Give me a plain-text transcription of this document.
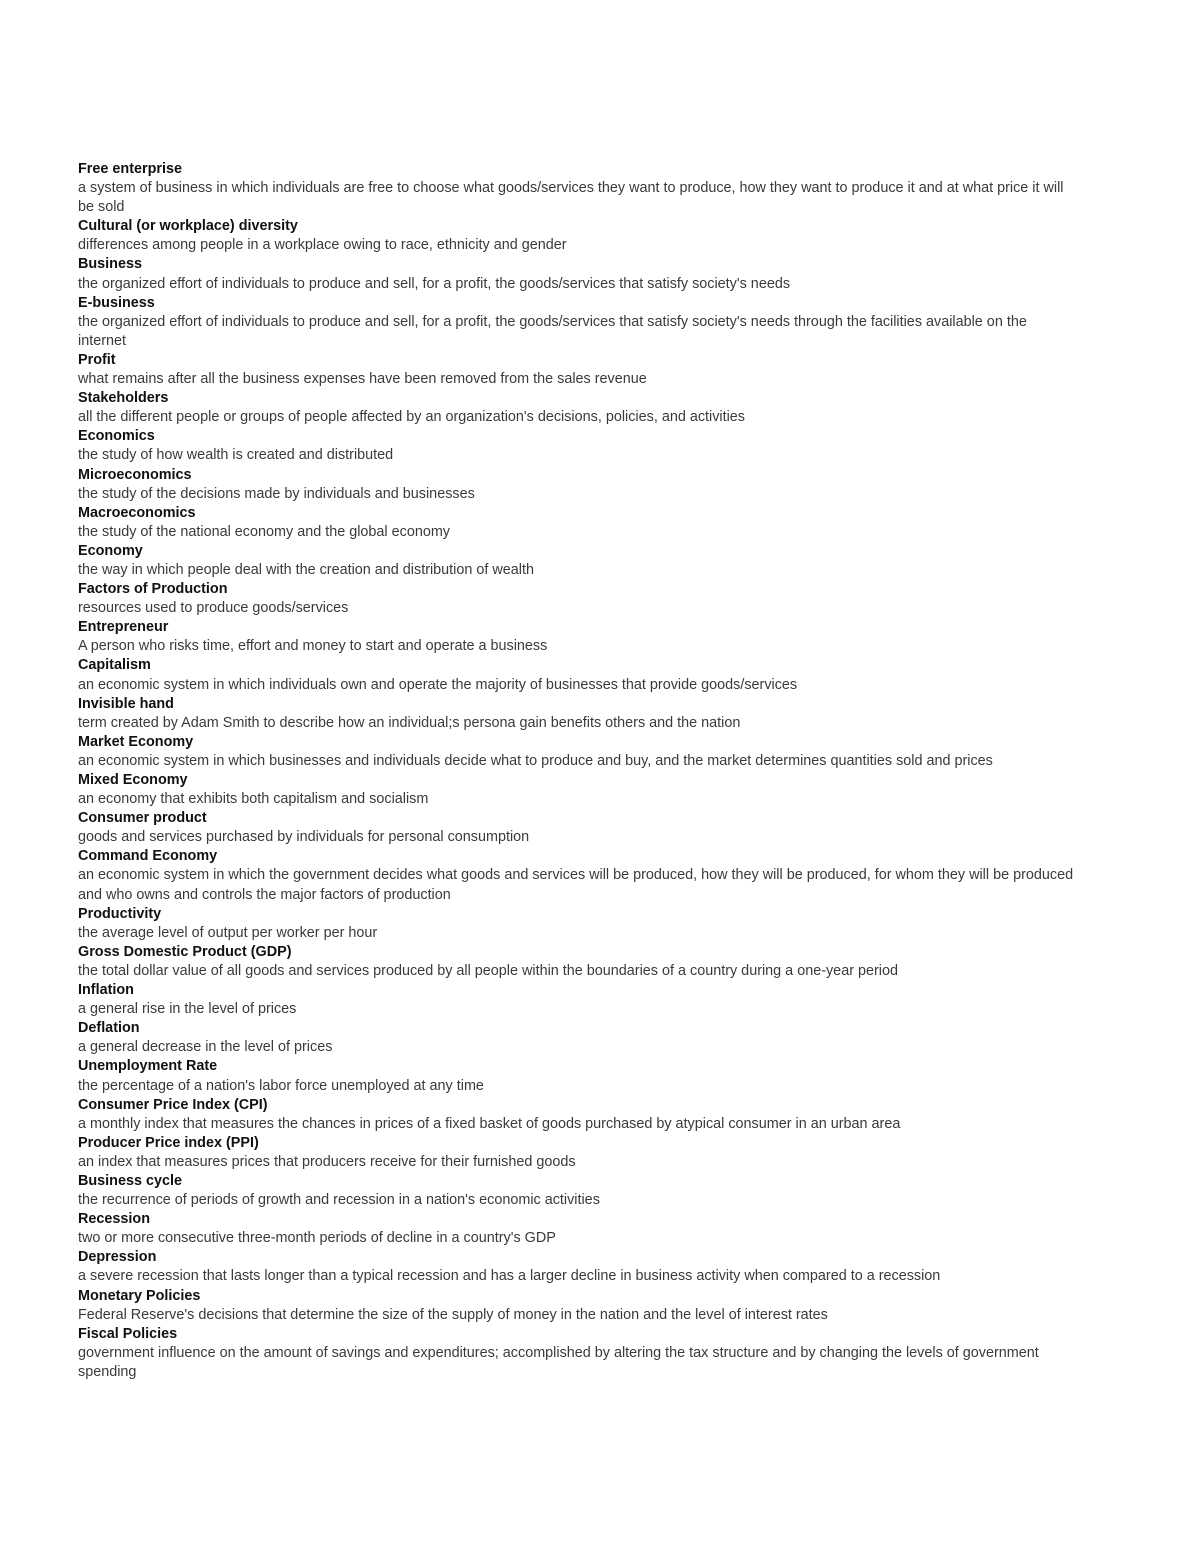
Free enterprise
a system of business in which individuals are free to choose what goods/services they want to produce, how they want to produce it and at what price it will be sold
Cultural (or workplace) diversity
differences among people in a workplace owing to race, ethnicity and gender
Business
the organized effort of individuals to produce and sell, for a profit, the goods/services that satisfy society's needs
E-business
the organized effort of individuals to produce and sell, for a profit, the goods/services that satisfy society's needs through the facilities available on the internet
Profit
what remains after all the business expenses have been removed from the sales revenue
Stakeholders
all the different people or groups of people affected by an organization's decisions, policies, and activities
Economics
the study of how wealth is created and distributed
Microeconomics
the study of the decisions made by individuals and businesses
Macroeconomics
the study of the national economy and the global economy
Economy
the way in which people deal with the creation and distribution of wealth
Factors of Production
resources used to produce goods/services
Entrepreneur
A person who risks time, effort and money to start and operate a business
Capitalism
an economic system in which individuals own and operate the majority of businesses that provide goods/services
Invisible hand
term created by Adam Smith to describe how an individual;s persona gain benefits others and the nation
Market Economy
an economic system in which businesses and individuals decide what to produce and buy, and the market determines quantities sold and prices
Mixed Economy
an economy that exhibits both capitalism and socialism
Consumer product
goods and services purchased by individuals for personal consumption
Command Economy
an economic system in which the government decides what goods and services will be produced, how they will be produced, for whom they will be produced and who owns and controls the major factors of production
Productivity
the average level of output per worker per hour
Gross Domestic Product (GDP)
the total dollar value of all goods and services produced by all people within the boundaries of a country during a one-year period
Inflation
a general rise in the level of prices
Deflation
a general decrease in the level of prices
Unemployment Rate
the percentage of a nation's labor force unemployed at any time
Consumer Price Index (CPI)
a monthly index that measures the chances in prices of a fixed basket of goods purchased by atypical consumer in an urban area
Producer Price index (PPI)
an index that measures prices that producers receive for their furnished goods
Business cycle
the recurrence of periods of growth and recession in a nation's economic activities
Recession
two or more consecutive three-month periods of decline in a country's GDP
Depression
a severe recession that lasts longer than a typical recession and has a larger decline in business activity when compared to a recession
Monetary Policies
Federal Reserve's decisions that determine the size of the supply of money in the nation and the level of interest rates
Fiscal Policies
government influence on the amount of savings and expenditures; accomplished by altering the tax structure and by changing the levels of government spending
